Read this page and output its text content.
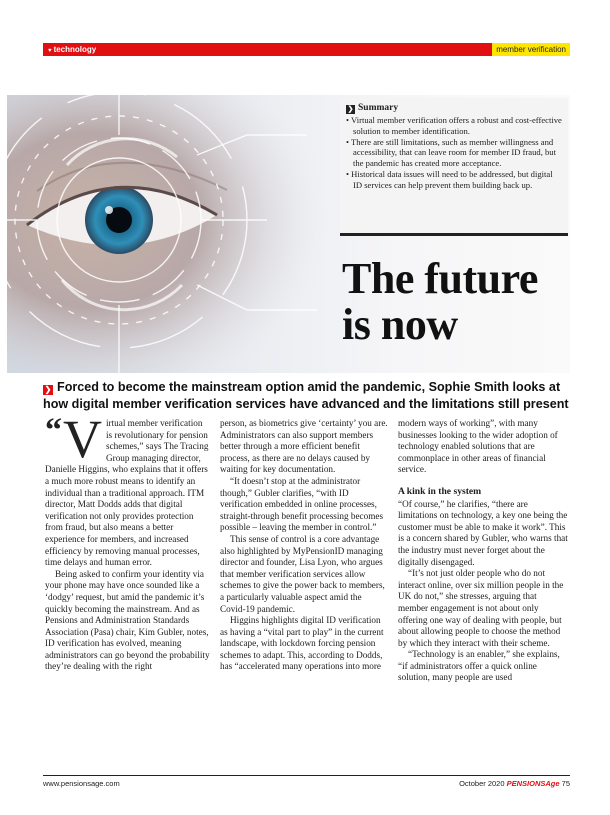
♥ technology	member verification
❯ Summary
• Virtual member verification offers a robust and cost-effective solution to member identification.
• There are still limitations, such as member willingness and accessibility, that can leave room for member ID fraud, but the pandemic has created more acceptance.
• Historical data issues will need to be addressed, but digital ID services can help prevent them building back up.
The future
is now
❯ Forced to become the mainstream option amid the pandemic, Sophie Smith looks at how digital member verification services have advanced and the limitations still present

“ V irtual member verification is revolutionary for pension schemes,” says The Tracing Group managing director, Danielle Higgins, who explains that it offers a much more robust means to identify an individual than a traditional approach. ITM director, Matt Dodds adds that digital verification not only provides protection from fraud, but also means a better experience for members, and increased efficiency by removing manual processes, time delays and human error.

Being asked to confirm your identity via your phone may have once sounded like a ‘dodgy’ request, but amid the pandemic it’s quickly becoming the mainstream. And as Pensions and Administration Standards Association (Pasa) chair, Kim Gubler, notes, ID verification has evolved, meaning administrators can go beyond the probability they’re dealing with the right

person, as biometrics give ‘certainty’ you are. Administrators can also support members better through a more efficient benefit process, as there are no delays caused by waiting for key documentation.

“It doesn’t stop at the administrator though,” Gubler clarifies, “with ID verification embedded in online processes, straight-through benefit processing becomes possible – leaving the member in control.”

This sense of control is a core advantage also highlighted by MyPensionID managing director and founder, Lisa Lyon, who argues that member verification services allow schemes to give the power back to members, a particularly valuable aspect amid the Covid-19 pandemic.

Higgins highlights digital ID verification as having a “vital part to play” in the current landscape, with lockdown forcing pension schemes to adapt. This, according to Dodds, has “accelerated many operations into more

modern ways of working”, with many businesses looking to the wider adoption of technology enabled solutions that are commonplace in other areas of financial service.

A kink in the system

“Of course,” he clarifies, “there are limitations on technology, a key one being the customer must be able to make it work”. This is a concern shared by Gubler, who warns that the industry must never forget about the digitally disengaged.

“It’s not just older people who do not interact online, over six million people in the UK do not,” she stresses, arguing that member engagement is not about only offering one way of dealing with people, but about allowing people to choose the method by which they interact with their scheme.

“Technology is an enabler,” she explains, “if administrators offer a quick online solution, many people are used

www.pensionsage.com	October 2020 PENSIONSAge 75
